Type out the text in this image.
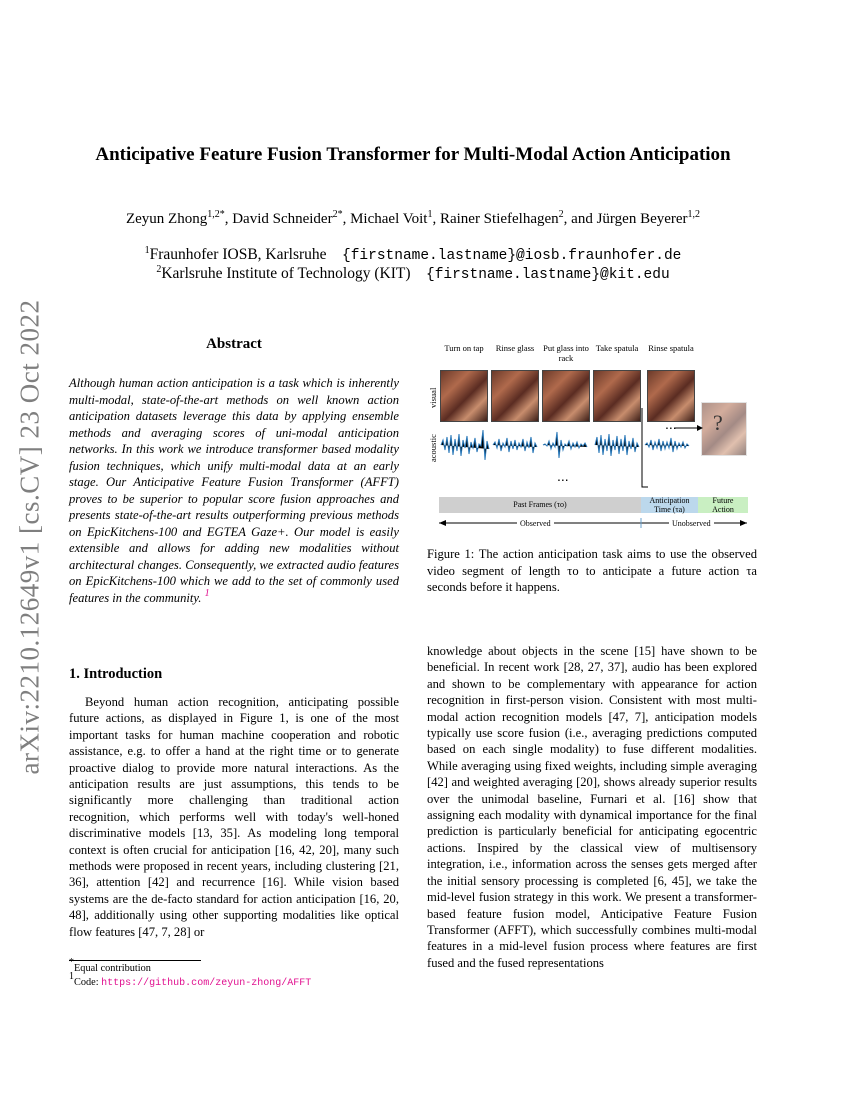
arXiv:2210.12649v1 [cs.CV] 23 Oct 2022
Anticipative Feature Fusion Transformer for Multi-Modal Action Anticipation
Zeyun Zhong$^{1,2*}$, David Schneider$^{2*}$, Michael Voit$^1$, Rainer Stiefelhagen$^2$, and Jürgen Beyerer$^{1,2}$
$^1$Fraunhofer IOSB, Karlsruhe {firstname.lastname}@iosb.fraunhofer.de
$^2$Karlsruhe Institute of Technology (KIT) {firstname.lastname}@kit.edu
Abstract
Although human action anticipation is a task which is inherently multi-modal, state-of-the-art methods on well known action anticipation datasets leverage this data by applying ensemble methods and averaging scores of uni-modal anticipation networks. In this work we introduce transformer based modality fusion techniques, which unify multi-modal data at an early stage. Our Anticipative Feature Fusion Transformer (AFFT) proves to be superior to popular score fusion approaches and presents state-of-the-art results outperforming previous methods on EpicKitchens-100 and EGTEA Gaze+. Our model is easily extensible and allows for adding new modalities without architectural changes. Consequently, we extracted audio features on EpicKitchens-100 which we add to the set of commonly used features in the community. $^1$
Turn on tap	Rinse glass	Put glass into rack
Take spatula	Rinse spatula
visual
acoustic
?
...
...
Past Frames (τo)	Anticipation
Time (τa)
Future
Action
Observed	Unobserved
Figure 1: The action anticipation task aims to use the observed video segment of length τo to anticipate a future action τa seconds before it happens.
1. Introduction

Beyond human action recognition, anticipating possible future actions, as displayed in Figure 1, is one of the most important tasks for human machine cooperation and robotic assistance, e.g. to offer a hand at the right time or to generate proactive dialog to provide more natural interactions. As the anticipation results are just assumptions, this tends to be significantly more challenging than traditional action recognition, which performs well with today's well-honed discriminative models [13, 35]. As modeling long temporal context is often crucial for anticipation [16, 42, 20], many such methods were proposed in recent years, including clustering [21, 36], attention [42] and recurrence [16]. While vision based systems are the de-facto standard for action anticipation [16, 20, 48], additionally using other supporting modalities like optical flow features [47, 7, 28] or

knowledge about objects in the scene [15] have shown to be beneficial. In recent work [28, 27, 37], audio has been explored and shown to be complementary with appearance for action recognition in first-person vision. Consistent with most multi-modal action recognition models [47, 7], anticipation models typically use score fusion (i.e., averaging predictions computed based on each single modality) to fuse different modalities. While averaging using fixed weights, including simple averaging [42] and weighted averaging [20], shows already superior results over the unimodal baseline, Furnari et al. [16] show that assigning each modality with dynamical importance for the final prediction is particularly beneficial for anticipating egocentric actions. Inspired by the classical view of multisensory integration, i.e., information across the senses gets merged after the initial sensory processing is completed [6, 45], we take the mid-level fusion strategy in this work. We present a transformer-based feature fusion model, Anticipative Feature Fusion Transformer (AFFT), which successfully combines multi-modal features in a mid-level fusion process where features are first fused and the fused representations

*Equal contribution
$^1$Code: https://github.com/zeyun-zhong/AFFT
